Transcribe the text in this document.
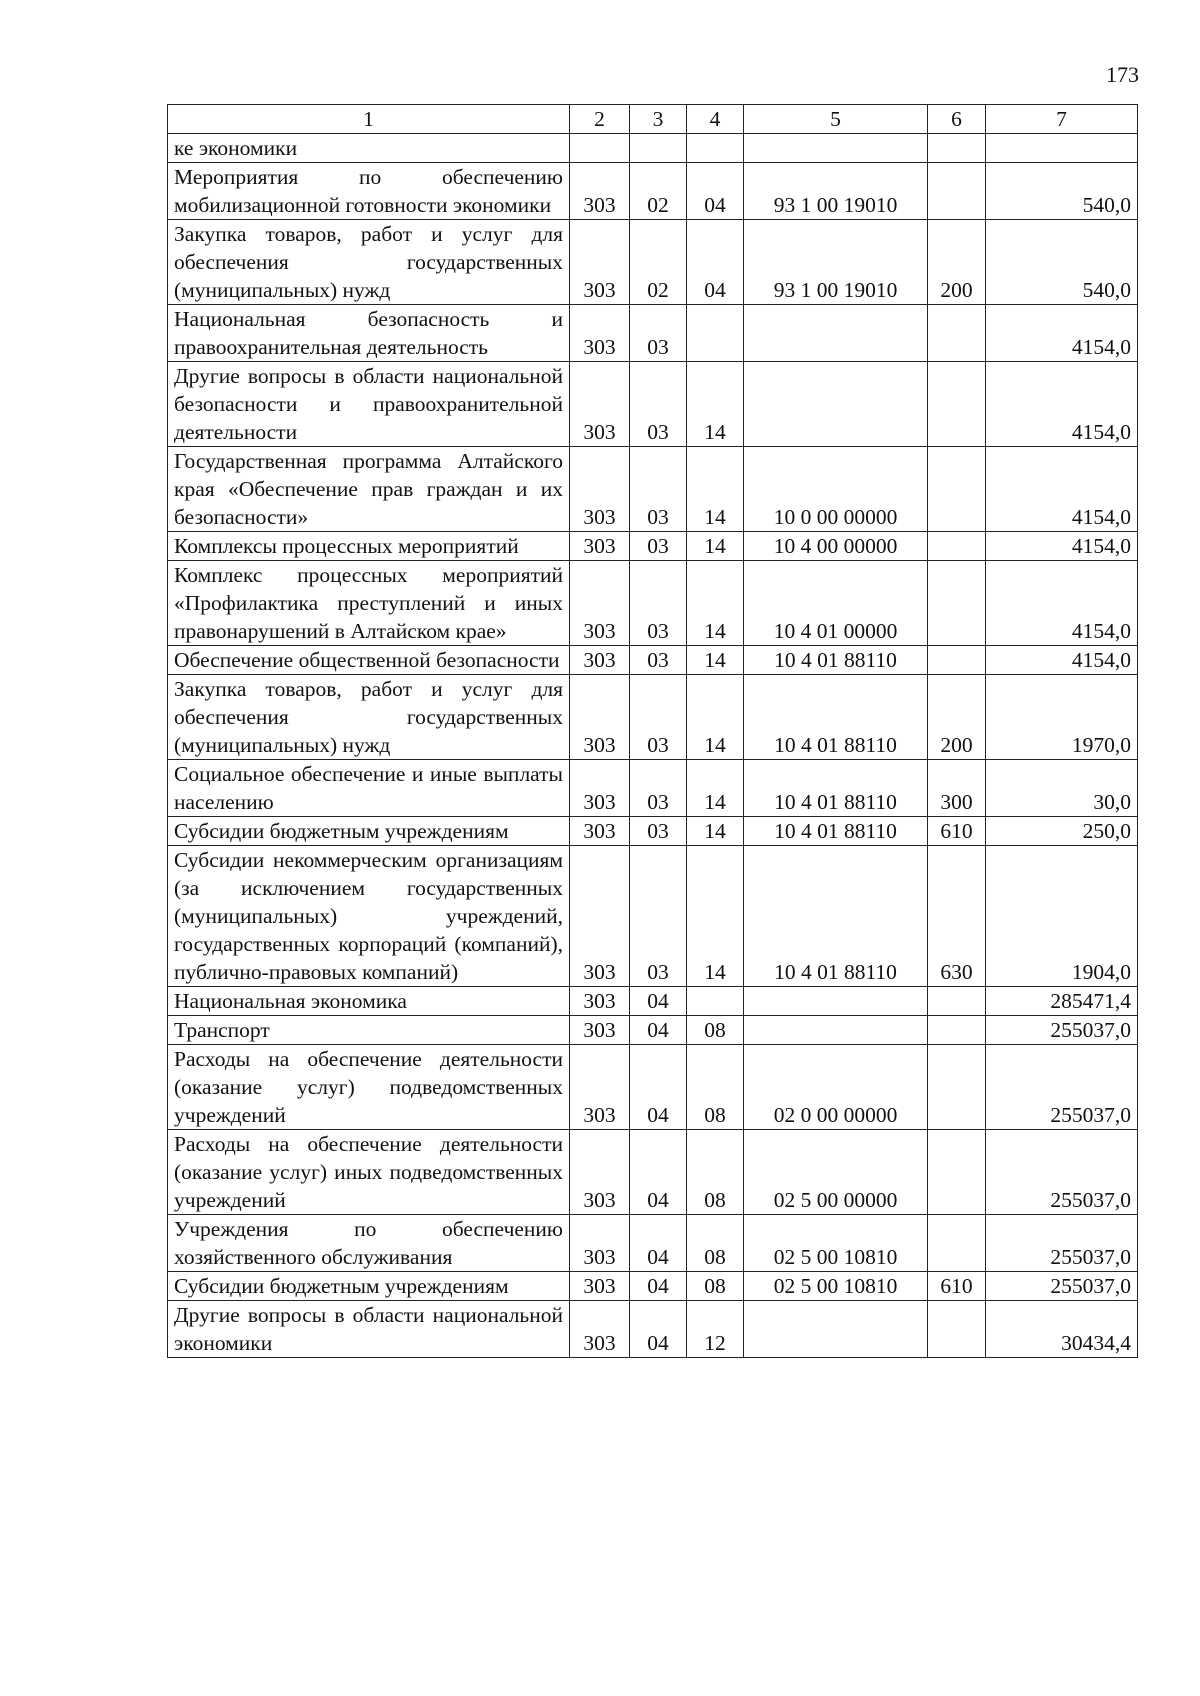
173
1	2	3	4	5	6	7
ке экономики						
Мероприятия по обеспечению мобилизационной готовности экономики	303	02	04	93 1 00 19010		540,0
Закупка товаров, работ и услуг для обеспечения государственных (муниципальных) нужд	303	02	04	93 1 00 19010	200	540,0
Национальная безопасность и правоохранительная деятельность	303	03				4154,0
Другие вопросы в области национальной безопасности и правоохранительной деятельности	303	03	14			4154,0
Государственная программа Алтайского края «Обеспечение прав граждан и их безопасности»	303	03	14	10 0 00 00000		4154,0
Комплексы процессных мероприятий	303	03	14	10 4 00 00000		4154,0
Комплекс процессных мероприятий «Профилактика преступлений и иных правонарушений в Алтайском крае»	303	03	14	10 4 01 00000		4154,0
Обеспечение общественной безопасности	303	03	14	10 4 01 88110		4154,0
Закупка товаров, работ и услуг для обеспечения государственных (муниципальных) нужд	303	03	14	10 4 01 88110	200	1970,0
Социальное обеспечение и иные выплаты населению	303	03	14	10 4 01 88110	300	30,0
Субсидии бюджетным учреждениям	303	03	14	10 4 01 88110	610	250,0
Субсидии некоммерческим организациям (за исключением государственных (муниципальных) учреждений, государственных корпораций (компаний), публично-правовых компаний)	303	03	14	10 4 01 88110	630	1904,0
Национальная экономика	303	04				285471,4
Транспорт	303	04	08			255037,0
Расходы на обеспечение деятельности (оказание услуг) подведомственных учреждений	303	04	08	02 0 00 00000		255037,0
Расходы на обеспечение деятельности (оказание услуг) иных подведомственных учреждений	303	04	08	02 5 00 00000		255037,0
Учреждения по обеспечению хозяйственного обслуживания	303	04	08	02 5 00 10810		255037,0
Субсидии бюджетным учреждениям	303	04	08	02 5 00 10810	610	255037,0
Другие вопросы в области национальной экономики	303	04	12			30434,4
